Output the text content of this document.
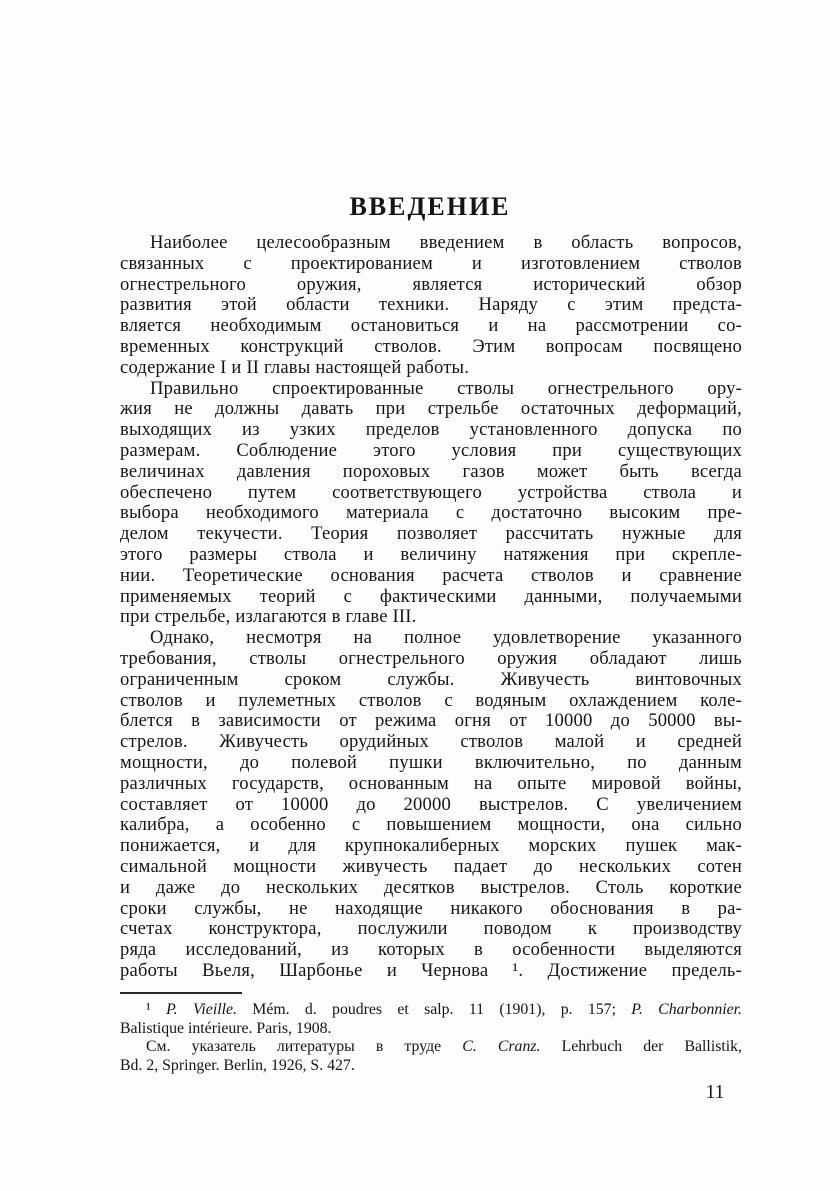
ВВЕДЕНИЕ
Наиболее целесообразным введением в область вопросов,
связанных с проектированием и изготовлением стволов
огнестрельного оружия, является исторический обзор
развития этой области техники. Наряду с этим предста-
вляется необходимым остановиться и на рассмотрении со-
временных конструкций стволов. Этим вопросам посвящено
содержание I и II главы настоящей работы.
Правильно спроектированные стволы огнестрельного ору-
жия не должны давать при стрельбе остаточных деформаций,
выходящих из узких пределов установленного допуска по
размерам. Соблюдение этого условия при существующих
величинах давления пороховых газов может быть всегда
обеспечено путем соответствующего устройства ствола и
выбора необходимого материала с достаточно высоким пре-
делом текучести. Теория позволяет рассчитать нужные для
этого размеры ствола и величину натяжения при скрепле-
нии. Теоретические основания расчета стволов и сравнение
применяемых теорий с фактическими данными, получаемыми
при стрельбе, излагаются в главе III.
Однако, несмотря на полное удовлетворение указанного
требования, стволы огнестрельного оружия обладают лишь
ограниченным сроком службы. Живучесть винтовочных
стволов и пулеметных стволов с водяным охлаждением коле-
блется в зависимости от режима огня от 10000 до 50000 вы-
стрелов. Живучесть орудийных стволов малой и средней
мощности, до полевой пушки включительно, по данным
различных государств, основанным на опыте мировой войны,
составляет от 10000 до 20000 выстрелов. С увеличением
калибра, а особенно с повышением мощности, она сильно
понижается, и для крупнокалиберных морских пушек мак-
симальной мощности живучесть падает до нескольких сотен
и даже до нескольких десятков выстрелов. Столь короткие
сроки службы, не находящие никакого обоснования в ра-
счетах конструктора, послужили поводом к производству
ряда исследований, из которых в особенности выделяются
работы Вьеля, Шарбонье и Чернова ¹. Достижение предель-
¹ P. Vieille. Mém. d. poudres et salp. 11 (1901), p. 157; P. Charbonnier.
Balistique intérieure. Paris, 1908.
См. указатель литературы в труде C. Cranz. Lehrbuch der Ballistik,
Bd. 2, Springer. Berlin, 1926, S. 427.
11
